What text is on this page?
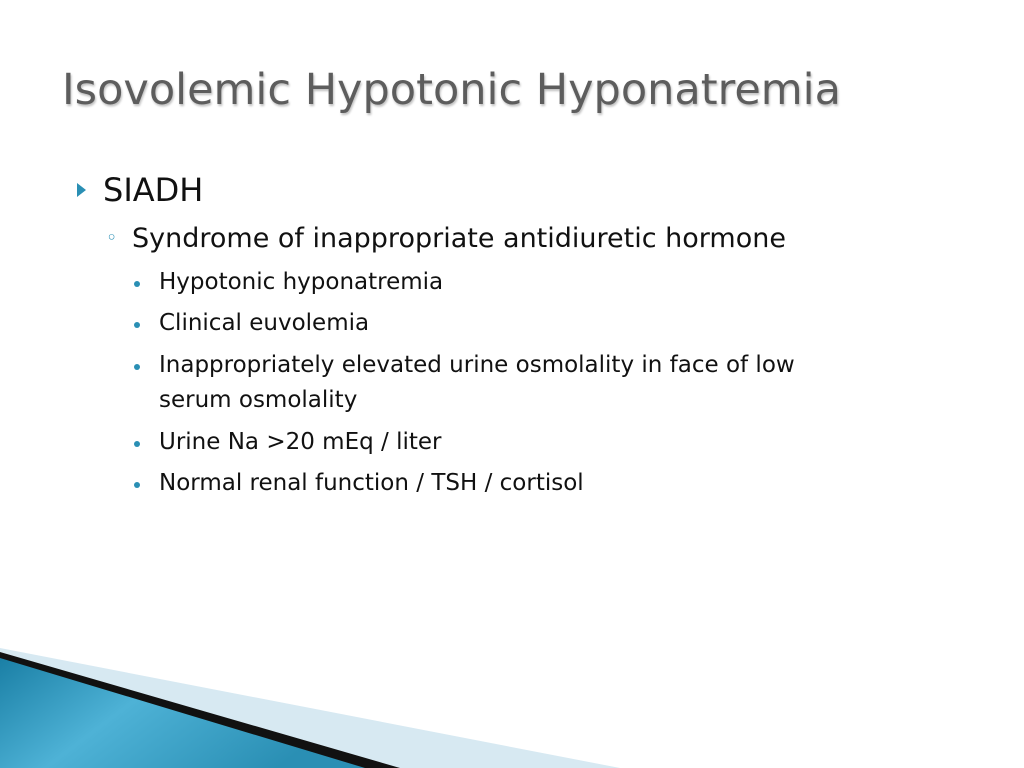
Isovolemic Hypotonic Hyponatremia
SIADH
◦ Syndrome of inappropriate antidiuretic hormone
Hypotonic hyponatremia
Clinical euvolemia
Inappropriately elevated urine osmolality in face of low
serum osmolality
Urine Na >20 mEq / liter
Normal renal function / TSH / cortisol
